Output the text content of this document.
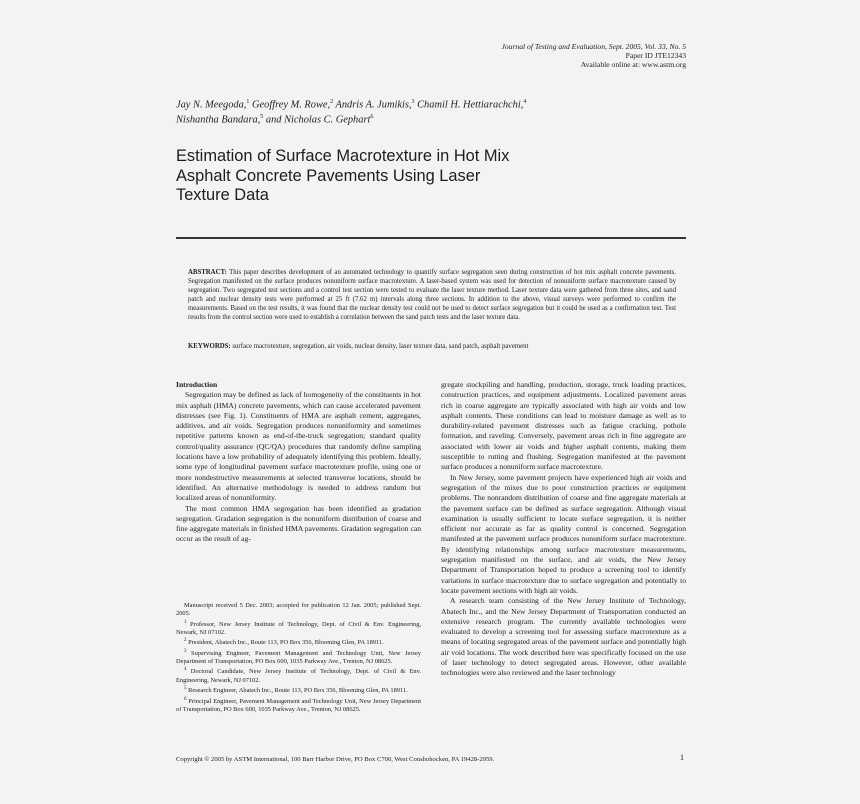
Journal of Testing and Evaluation, Sept. 2005, Vol. 33, No. 5
Paper ID JTE12343
Available online at: www.astm.org
Jay N. Meegoda,$^1$ Geoffrey M. Rowe,$^2$ Andris A. Jumikis,$^3$ Chamil H. Hettiarachchi,$^4$
Nishantha Bandara,$^5$ and Nicholas C. Gephart$^6$
Estimation of Surface Macrotexture in Hot Mix
Asphalt Concrete Pavements Using Laser
Texture Data
ABSTRACT: This paper describes development of an automated technology to quantify surface segregation seen during construction of hot mix asphalt concrete pavements. Segregation manifested on the surface produces nonuniform surface macrotexture. A laser-based system was used for detection of nonuniform surface macrotexture caused by segregation. Two segregated test sections and a control test section were tested to evaluate the laser texture method. Laser texture data were gathered from three sites, and sand patch and nuclear density tests were performed at 25 ft (7.62 m) intervals along three sections. In addition to the above, visual surveys were performed to confirm the measurements. Based on the test results, it was found that the nuclear density test could not be used to detect surface segregation but it could be used as a confirmation test. Test results from the control section were used to establish a correlation between the sand patch tests and the laser texture data.
KEYWORDS: surface macrotexture, segregation, air voids, nuclear density, laser texture data, sand patch, asphalt pavement

Introduction

Segregation may be defined as lack of homogeneity of the constituents in hot mix asphalt (HMA) concrete pavements, which can cause accelerated pavement distresses (see Fig. 1). Constituents of HMA are asphalt cement, aggregates, additives, and air voids. Segregation produces nonuniformity and sometimes repetitive patterns known as end-of-the-truck segregation; standard quality control/quality assurance (QC/QA) procedures that randomly define sampling locations have a low probability of adequately identifying this problem. Ideally, some type of longitudinal pavement surface macrotexture profile, using one or more nondestructive measurements at selected transverse locations, should be identified. An alternative methodology is needed to address random but localized areas of nonuniformity.

The most common HMA segregation has been identified as gradation segregation. Gradation segregation is the nonuniform distribution of coarse and fine aggregate materials in finished HMA pavements. Gradation segregation can occur as the result of ag-

gregate stockpiling and handling, production, storage, truck loading practices, construction practices, and equipment adjustments. Localized pavement areas rich in coarse aggregate are typically associated with high air voids and low asphalt contents. These conditions can lead to moisture damage as well as to durability-related pavement distresses such as fatigue cracking, pothole formation, and raveling. Conversely, pavement areas rich in fine aggregate are associated with lower air voids and higher asphalt contents, making them susceptible to rutting and flushing. Segregation manifested at the pavement surface produces a nonuniform surface macrotexture.

In New Jersey, some pavement projects have experienced high air voids and segregation of the mixes due to poor construction practices or equipment problems. The nonrandom distribution of coarse and fine aggregate materials at the pavement surface can be defined as surface segregation. Although visual examination is usually sufficient to locate surface segregation, it is neither efficient nor accurate as far as quality control is concerned. Segregation manifested at the pavement surface produces nonuniform surface macrotexture. By identifying relationships among surface macrotexture measurements, segregation manifested on the surface, and air voids, the New Jersey Department of Transportation hoped to produce a screening tool to identify variations in surface macrotexture due to surface segregation and potentially to locate pavement sections with high air voids.

A research team consisting of the New Jersey Institute of Technology, Abatech Inc., and the New Jersey Department of Transportation conducted an extensive research program. The currently available technologies were evaluated to develop a screening tool for assessing surface macrotexture as a means of locating segregated areas of the pavement surface and potentially high air void locations. The work described here was specifically focused on the use of laser technology to detect segregated areas. However, other available technologies were also reviewed and the laser technology

Manuscript received 5 Dec. 2003; accepted for publication 12 Jan. 2005; published Sept. 2005.

$^1$ Professor, New Jersey Institute of Technology, Dept. of Civil & Env. Engineering, Newark, NJ 07102.

$^2$ President, Abatech Inc., Route 113, PO Box 356, Blooming Glen, PA 18911.

$^3$ Supervising Engineer, Pavement Management and Technology Unit, New Jersey Department of Transportation, PO Box 600, 1035 Parkway Ave., Trenton, NJ 08625.

$^4$ Doctoral Candidate, New Jersey Institute of Technology, Dept. of Civil & Env. Engineering, Newark, NJ 07102.

$^5$ Research Engineer, Abatech Inc., Route 113, PO Box 356, Blooming Glen, PA 18911.

$^6$ Principal Engineer, Pavement Management and Technology Unit, New Jersey Department of Transportation, PO Box 600, 1035 Parkway Ave., Trenton, NJ 08625.

Copyright © 2005 by ASTM International, 100 Barr Harbor Drive, PO Box C700, West Conshohocken, PA 19428-2959.	1
